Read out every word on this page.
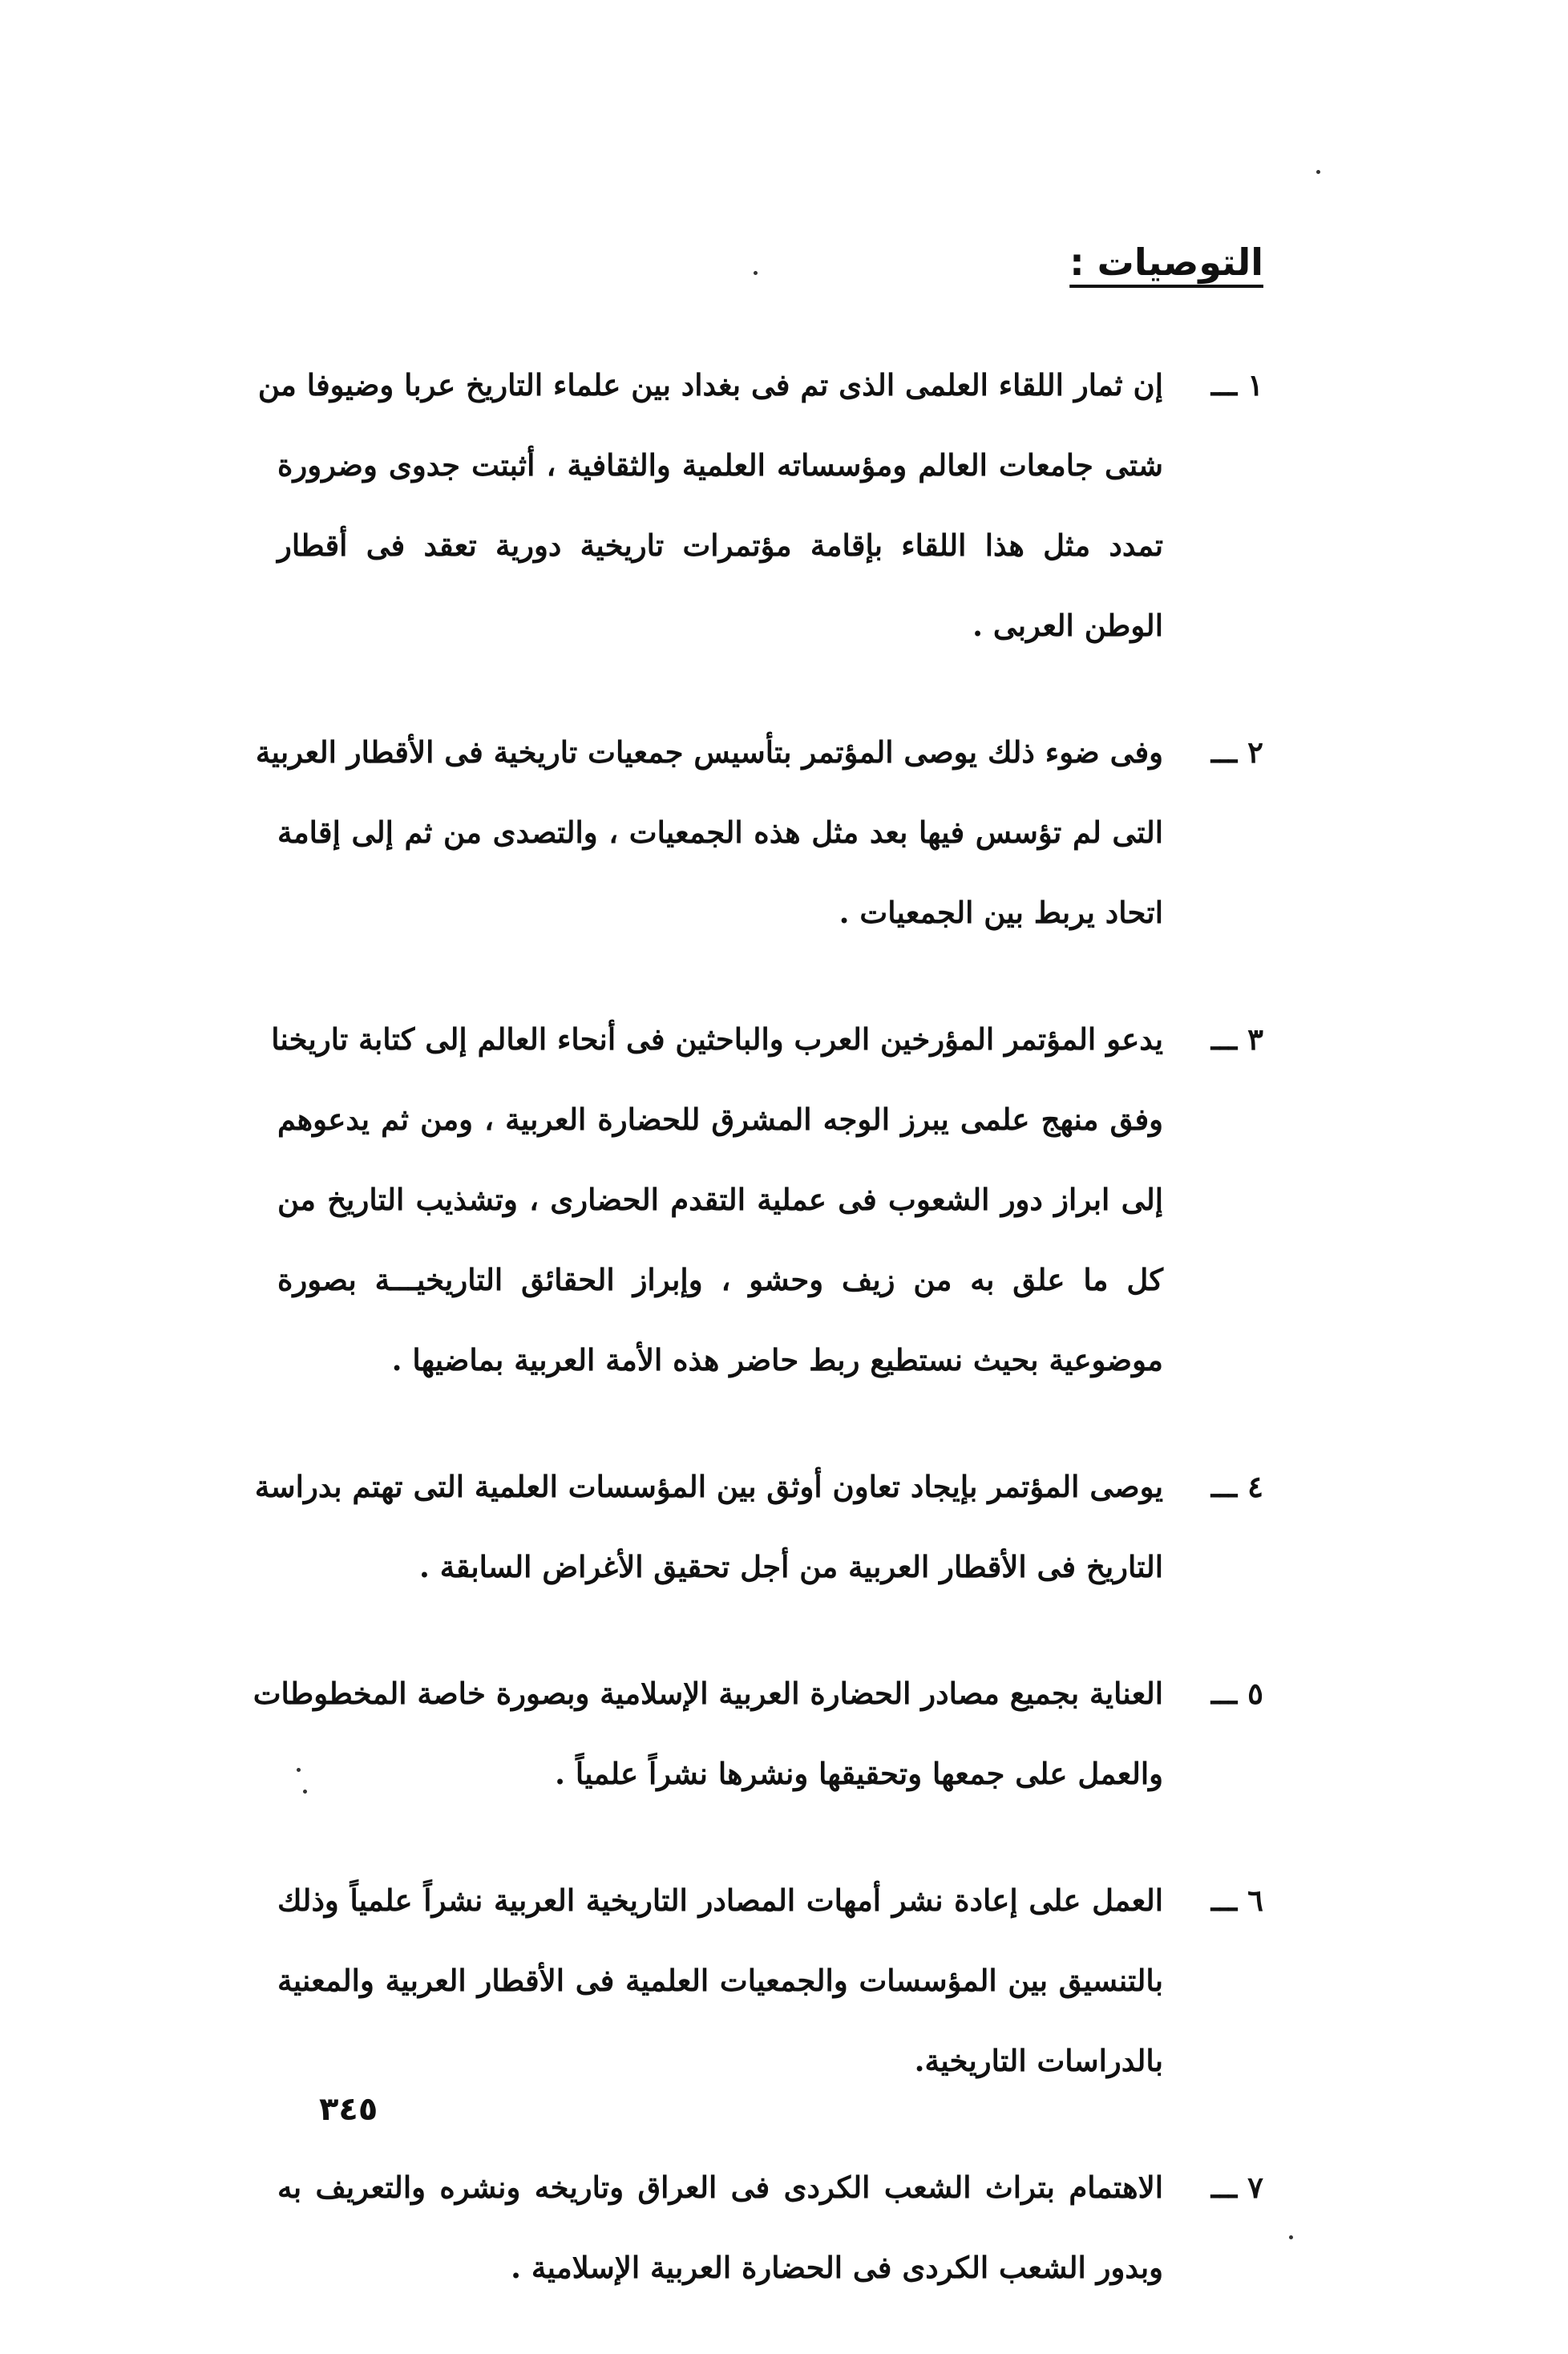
التوصيات :
١ ـــ
إن ثمار اللقاء العلمى الذى تم فى بغداد بين علماء التاريخ عربا وضيوفا من
شتى جامعات العالم ومؤسساته العلمية والثقافية ، أثبتت جدوى وضرورة
تمدد مثل هذا اللقاء بإقامة مؤتمرات تاريخية دورية تعقد فى أقطار
الوطن العربى .
٢ ـــ
وفى ضوء ذلك يوصى المؤتمر بتأسيس جمعيات تاريخية فى الأقطار العربية
التى لم تؤسس فيها بعد مثل هذه الجمعيات ، والتصدى من ثم إلى إقامة
اتحاد يربط بين الجمعيات .
٣ ـــ
يدعو المؤتمر المؤرخين العرب والباحثين فى أنحاء العالم إلى كتابة تاريخنا
وفق منهج علمى يبرز الوجه المشرق للحضارة العربية ، ومن ثم يدعوهم
إلى ابراز دور الشعوب فى عملية التقدم الحضارى ، وتشذيب التاريخ من
كل ما علق به من زيف وحشو ، وإبراز الحقائق التاريخيـــة بصورة
موضوعية بحيث نستطيع ربط حاضر هذه الأمة العربية بماضيها .
٤ ـــ
يوصى المؤتمر بإيجاد تعاون أوثق بين المؤسسات العلمية التى تهتم بدراسة
التاريخ فى الأقطار العربية من أجل تحقيق الأغراض السابقة .
٥ ـــ
العناية بجميع مصادر الحضارة العربية الإسلامية وبصورة خاصة المخطوطات
والعمل على جمعها وتحقيقها ونشرها نشراً علمياً .
٦ ـــ
العمل على إعادة نشر أمهات المصادر التاريخية العربية نشراً علمياً وذلك
بالتنسيق بين المؤسسات والجمعيات العلمية فى الأقطار العربية والمعنية
بالدراسات التاريخية.
٧ ـــ
الاهتمام بتراث الشعب الكردى فى العراق وتاريخه ونشره والتعريف به
وبدور الشعب الكردى فى الحضارة العربية الإسلامية .
٣٤٥
